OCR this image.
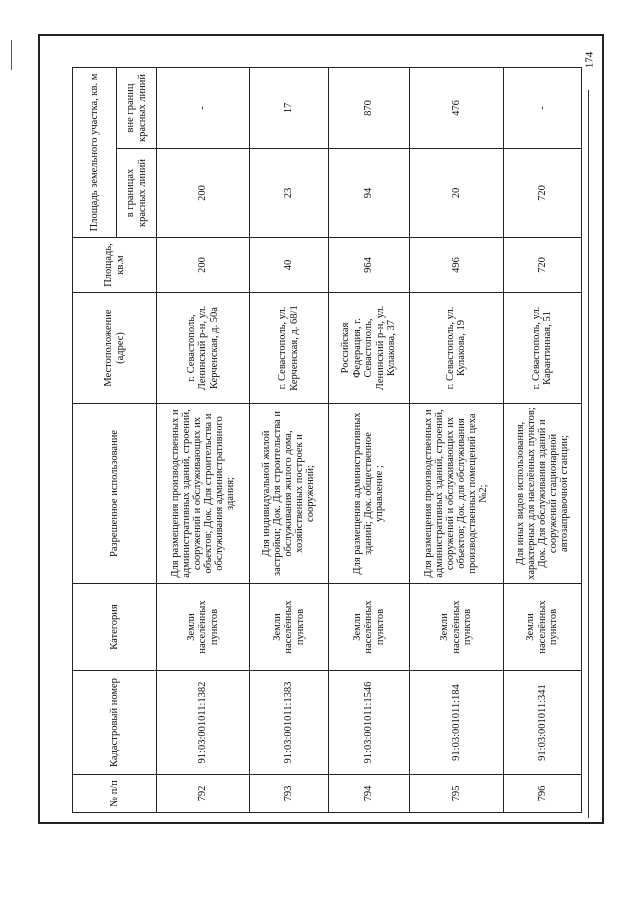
174
№ п/п	Кадастровый номер	Категория	Разрешенное использование	Местоположение (адрес)	Площадь, кв.м	Площадь земельного участка, кв. м	
						в границах красных линий	вне границ красных линий
792	91:03:001011:1382	Земли населённых пунктов	Для размещения производственных и административных зданий, строений, сооружений и обслуживающих их объектов; Док. Для строительства и обслуживания административного здания;	г. Севастополь, Ленинский р-н, ул. Керченская, д. 50а	200	200	-
793	91:03:001011:1383	Земли населённых пунктов	Для индивидуальной жилой застройки; Док. Для строительства и обслуживания жилого дома, хозяйственных построек и сооружений;	г. Севастополь, ул. Керченская, д. 68/1	40	23	17
794	91:03:001011:1546	Земли населённых пунктов	Для размещения административных зданий; Док. общественное управление ;	Российская Федерация, г. Севастополь, Ленинский р-н, ул. Кулакова, 37	964	94	870
795	91:03:001011:184	Земли населённых пунктов	Для размещения производственных и административных зданий, строений, сооружений и обслуживающих их объектов; Док. для обслуживания производственных помещений цеха №2;	г. Севастополь, ул. Кулакова, 19	496	20	476
796	91:03:001011:341	Земли населённых пунктов	Для иных видов использования, характерных для населённых пунктов; Док. Для обслуживания зданий и сооружений стационарной автозаправочной станции;	г. Севастополь, ул. Карантинная, 51	720	720	-
